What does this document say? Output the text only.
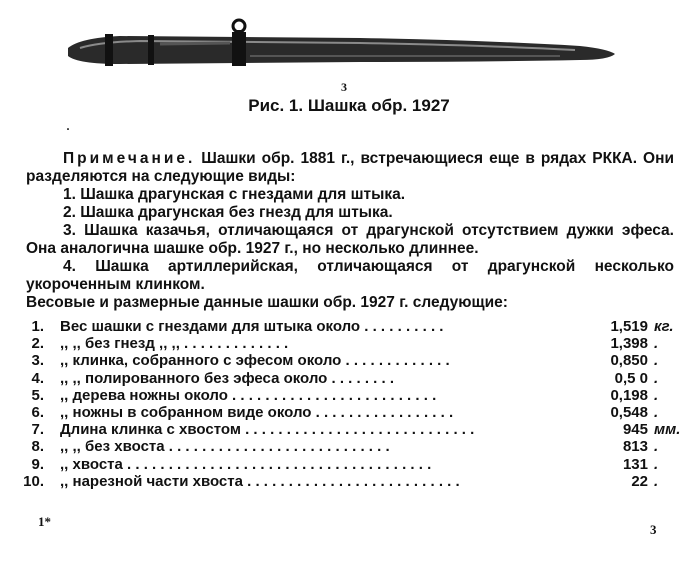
3
Рис. 1. Шашка обр. 1927
·

Примечание. Шашки обр. 1881 г., встречающиеся еще в рядах РККА. Они разделяются на следующие виды:

1. Шашка драгунская с гнездами для штыка.

2. Шашка драгунская без гнезд для штыка.

3. Шашка казачья, отличающаяся от драгунской отсутствием дужки эфеса. Она аналогична шашке обр. 1927 г., но несколько длиннее.

4. Шашка артиллерийская, отличающаяся от драгунской несколько укороченным клинком.

Весовые и размерные данные шашки обр. 1927 г. следующие:

1. Вес шашки с гнездами для штыка около . . . . . . . . . .	1,519 кг.
2. ,, ,, без гнезд ,, ,, . . . . . . . . . . . . .	1,398 .
3. ,, клинка, собранного с эфесом около . . . . . . . . . . . . .	0,850 .
4. ,, ,, полированного без эфеса около . . . . . . . .	0,5 0 .
5. ,, дерева ножны около . . . . . . . . . . . . . . . . . . . . . . . . .	0,198 .
6. ,, ножны в собранном виде около . . . . . . . . . . . . . . . . .	0,548 .
7. Длина клинка с хвостом . . . . . . . . . . . . . . . . . . . . . . . . . . . .	945 мм.
8. ,, ,, без хвоста . . . . . . . . . . . . . . . . . . . . . . . . . . .	813 .
9. ,, хвоста . . . . . . . . . . . . . . . . . . . . . . . . . . . . . . . . . . . . .	131 .
10. ,, нарезной части хвоста . . . . . . . . . . . . . . . . . . . . . . . . . .	22 .
1*
3
